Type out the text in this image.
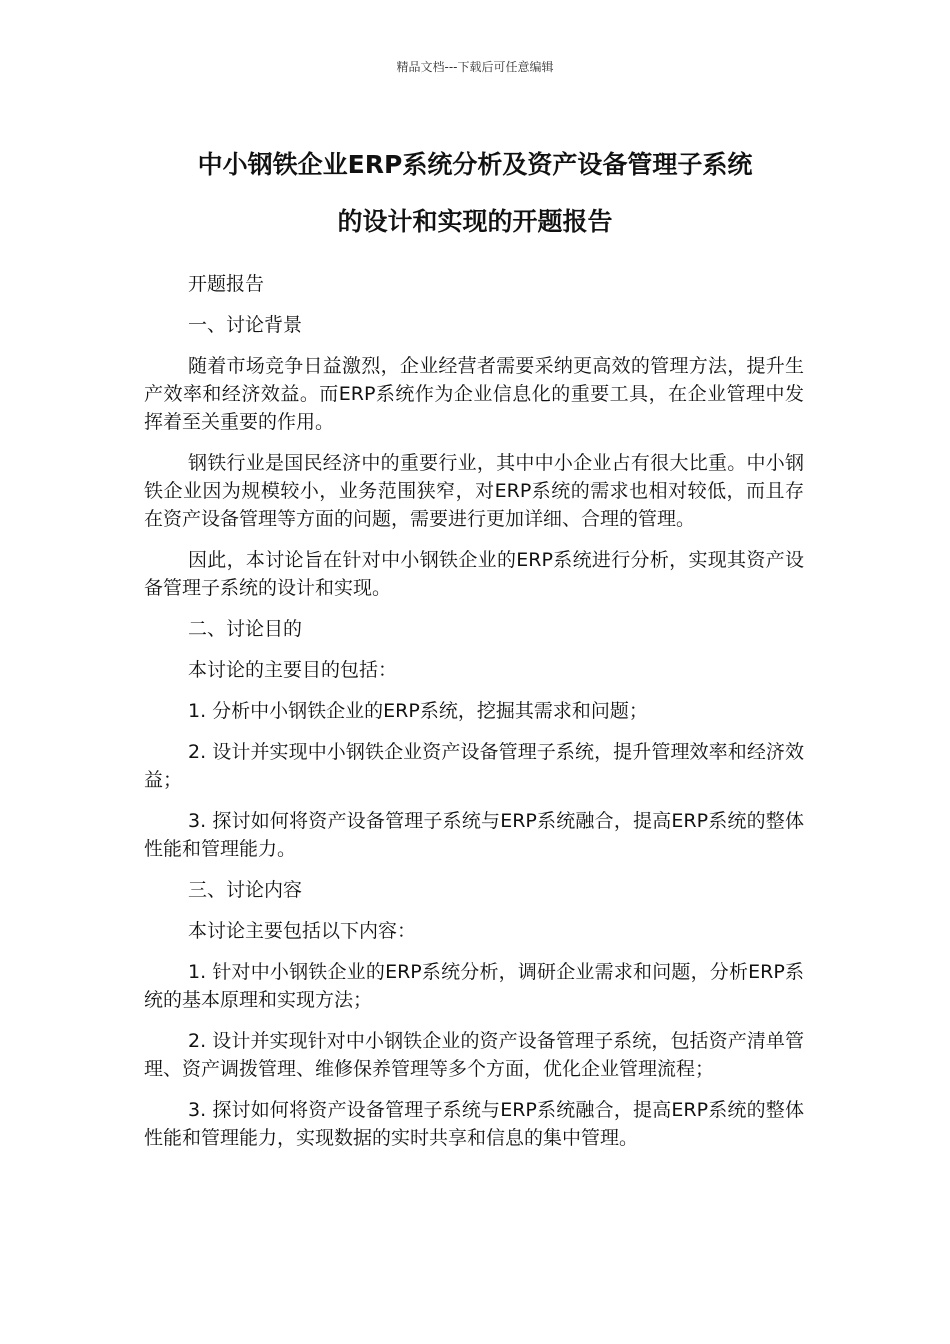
精品文档---下载后可任意编辑
中小钢铁企业ERP系统分析及资产设备管理子系统
的设计和实现的开题报告

开题报告

一、讨论背景

随着市场竞争日益激烈，企业经营者需要采纳更高效的管理方法，提升生产效率和经济效益。而ERP系统作为企业信息化的重要工具，在企业管理中发挥着至关重要的作用。

钢铁行业是国民经济中的重要行业，其中中小企业占有很大比重。中小钢铁企业因为规模较小，业务范围狭窄，对ERP系统的需求也相对较低，而且存在资产设备管理等方面的问题，需要进行更加详细、合理的管理。

因此，本讨论旨在针对中小钢铁企业的ERP系统进行分析，实现其资产设备管理子系统的设计和实现。

二、讨论目的

本讨论的主要目的包括：

1. 分析中小钢铁企业的ERP系统，挖掘其需求和问题；

2. 设计并实现中小钢铁企业资产设备管理子系统，提升管理效率和经济效益；

3. 探讨如何将资产设备管理子系统与ERP系统融合，提高ERP系统的整体性能和管理能力。

三、讨论内容

本讨论主要包括以下内容：

1. 针对中小钢铁企业的ERP系统分析，调研企业需求和问题，分析ERP系统的基本原理和实现方法；

2. 设计并实现针对中小钢铁企业的资产设备管理子系统，包括资产清单管理、资产调拨管理、维修保养管理等多个方面，优化企业管理流程；

3. 探讨如何将资产设备管理子系统与ERP系统融合，提高ERP系统的整体性能和管理能力，实现数据的实时共享和信息的集中管理。
